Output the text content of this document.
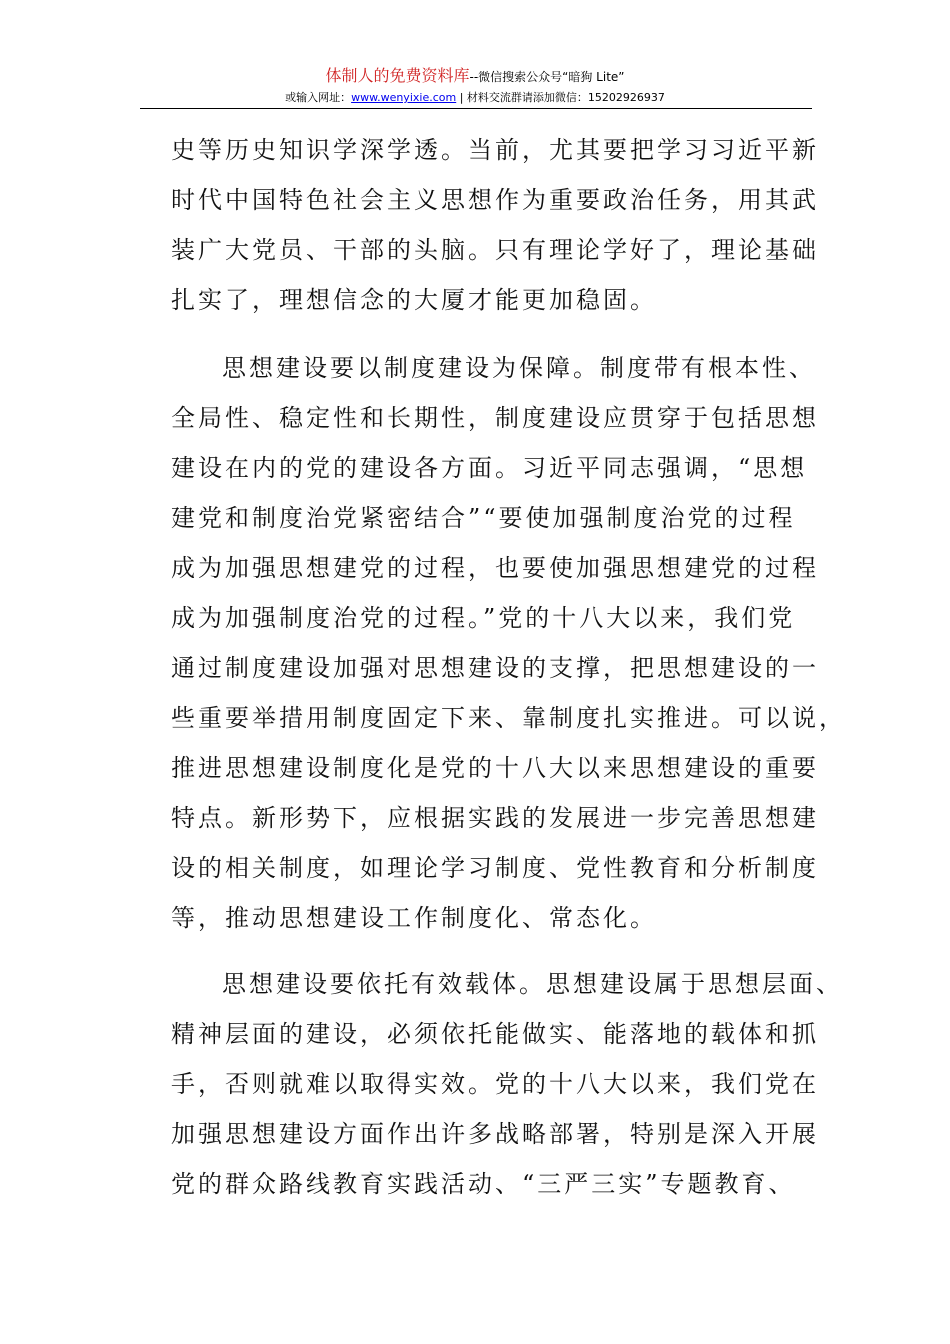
体制人的免费资料库--微信搜索公众号“暗狗 Lite”
或输入网址：www.wenyixie.com | 材料交流群请添加微信：15202926937
史等历史知识学深学透。当前，尤其要把学习习近平新
时代中国特色社会主义思想作为重要政治任务，用其武
装广大党员、干部的头脑。只有理论学好了，理论基础
扎实了，理想信念的大厦才能更加稳固。
思想建设要以制度建设为保障。制度带有根本性、
全局性、稳定性和长期性，制度建设应贯穿于包括思想
建设在内的党的建设各方面。习近平同志强调，“思想
建党和制度治党紧密结合”“要使加强制度治党的过程
成为加强思想建党的过程，也要使加强思想建党的过程
成为加强制度治党的过程。”党的十八大以来，我们党
通过制度建设加强对思想建设的支撑，把思想建设的一
些重要举措用制度固定下来、靠制度扎实推进。可以说，
推进思想建设制度化是党的十八大以来思想建设的重要
特点。新形势下，应根据实践的发展进一步完善思想建
设的相关制度，如理论学习制度、党性教育和分析制度
等，推动思想建设工作制度化、常态化。
思想建设要依托有效载体。思想建设属于思想层面、
精神层面的建设，必须依托能做实、能落地的载体和抓
手，否则就难以取得实效。党的十八大以来，我们党在
加强思想建设方面作出许多战略部署，特别是深入开展
党的群众路线教育实践活动、“三严三实”专题教育、
